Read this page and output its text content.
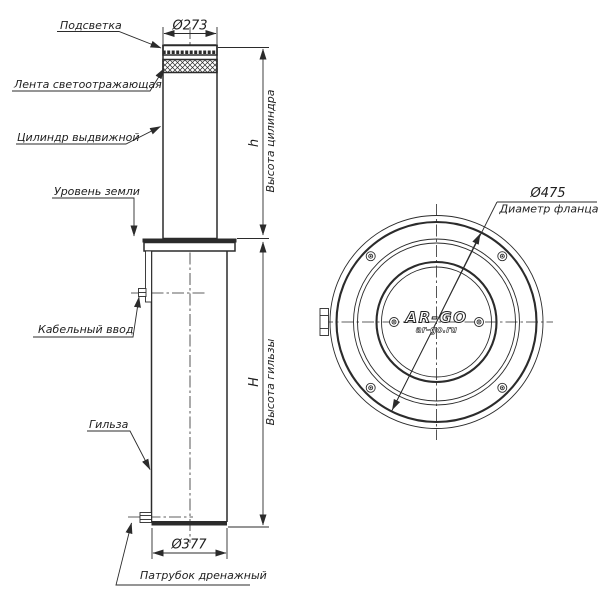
Ø273
Ø377
h Высота цилиндра
H Высота гильзы
Подсветка
Лента светоотражающая
Цилиндр выдвижной
Уровень земли
Кабельный ввод
Гильза
Патрубок дренажный
Ø475
Диаметр фланца
AR-GO
ar-go.ru
